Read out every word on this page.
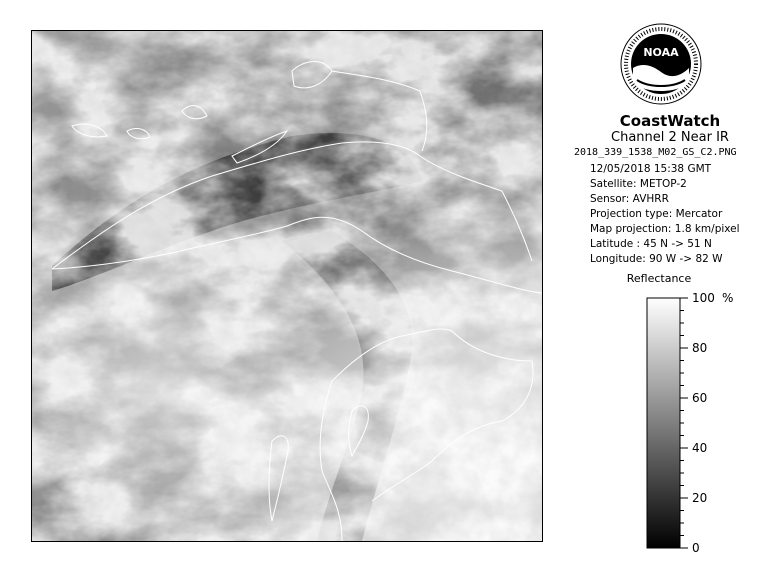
NOAA
CoastWatch
Channel 2 Near IR
2018_339_1538_M02_GS_C2.PNG
12/05/2018 15:38 GMT
Satellite: METOP-2
Sensor: AVHRR
Projection type: Mercator
Map projection: 1.8 km/pixel
Latitude : 45 N -> 51 N
Longitude: 90 W -> 82 W
Reflectance
100
80
60
40
20
0
%
